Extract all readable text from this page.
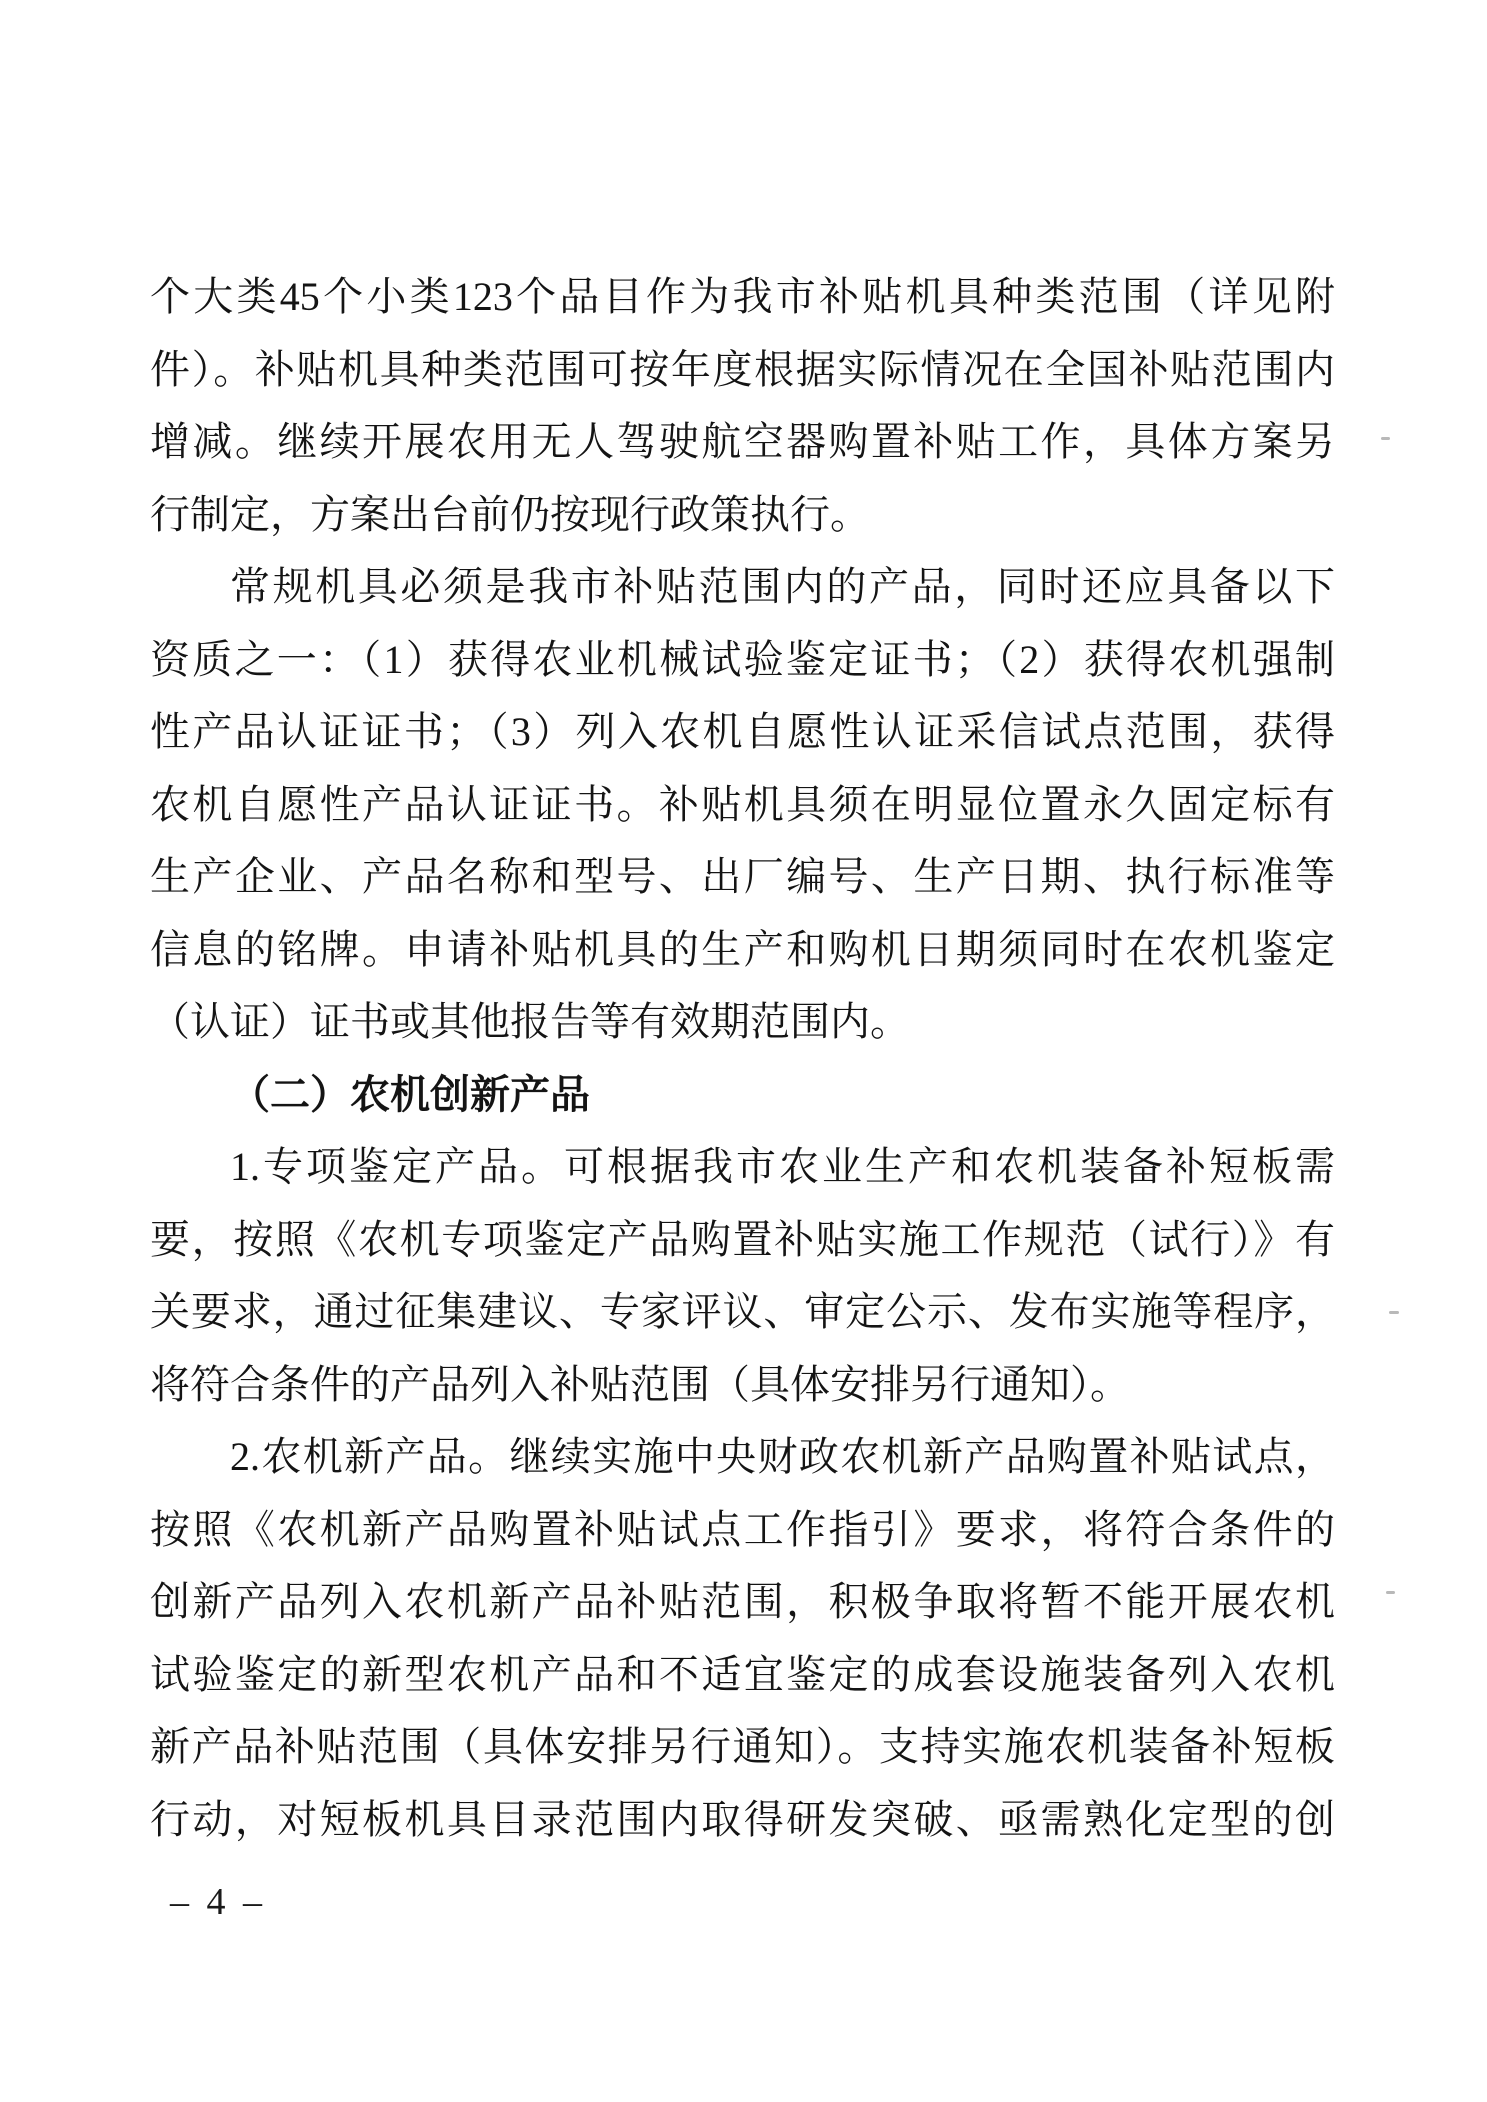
个大类45个小类123个品目作为我市补贴机具种类范围（详见附
件）。补贴机具种类范围可按年度根据实际情况在全国补贴范围内
增减。继续开展农用无人驾驶航空器购置补贴工作，具体方案另
行制定，方案出台前仍按现行政策执行。
常规机具必须是我市补贴范围内的产品，同时还应具备以下
资质之一：（1）获得农业机械试验鉴定证书；（2）获得农机强制
性产品认证证书；（3）列入农机自愿性认证采信试点范围，获得
农机自愿性产品认证证书。补贴机具须在明显位置永久固定标有
生产企业、产品名称和型号、出厂编号、生产日期、执行标准等
信息的铭牌。申请补贴机具的生产和购机日期须同时在农机鉴定
（认证）证书或其他报告等有效期范围内。
（二）农机创新产品
1.专项鉴定产品。可根据我市农业生产和农机装备补短板需
要，按照《农机专项鉴定产品购置补贴实施工作规范（试行）》有
关要求，通过征集建议、专家评议、审定公示、发布实施等程序，
将符合条件的产品列入补贴范围（具体安排另行通知）。
2.农机新产品。继续实施中央财政农机新产品购置补贴试点，
按照《农机新产品购置补贴试点工作指引》要求，将符合条件的
创新产品列入农机新产品补贴范围，积极争取将暂不能开展农机
试验鉴定的新型农机产品和不适宜鉴定的成套设施装备列入农机
新产品补贴范围（具体安排另行通知）。支持实施农机装备补短板
行动，对短板机具目录范围内取得研发突破、亟需熟化定型的创
– 4 –
